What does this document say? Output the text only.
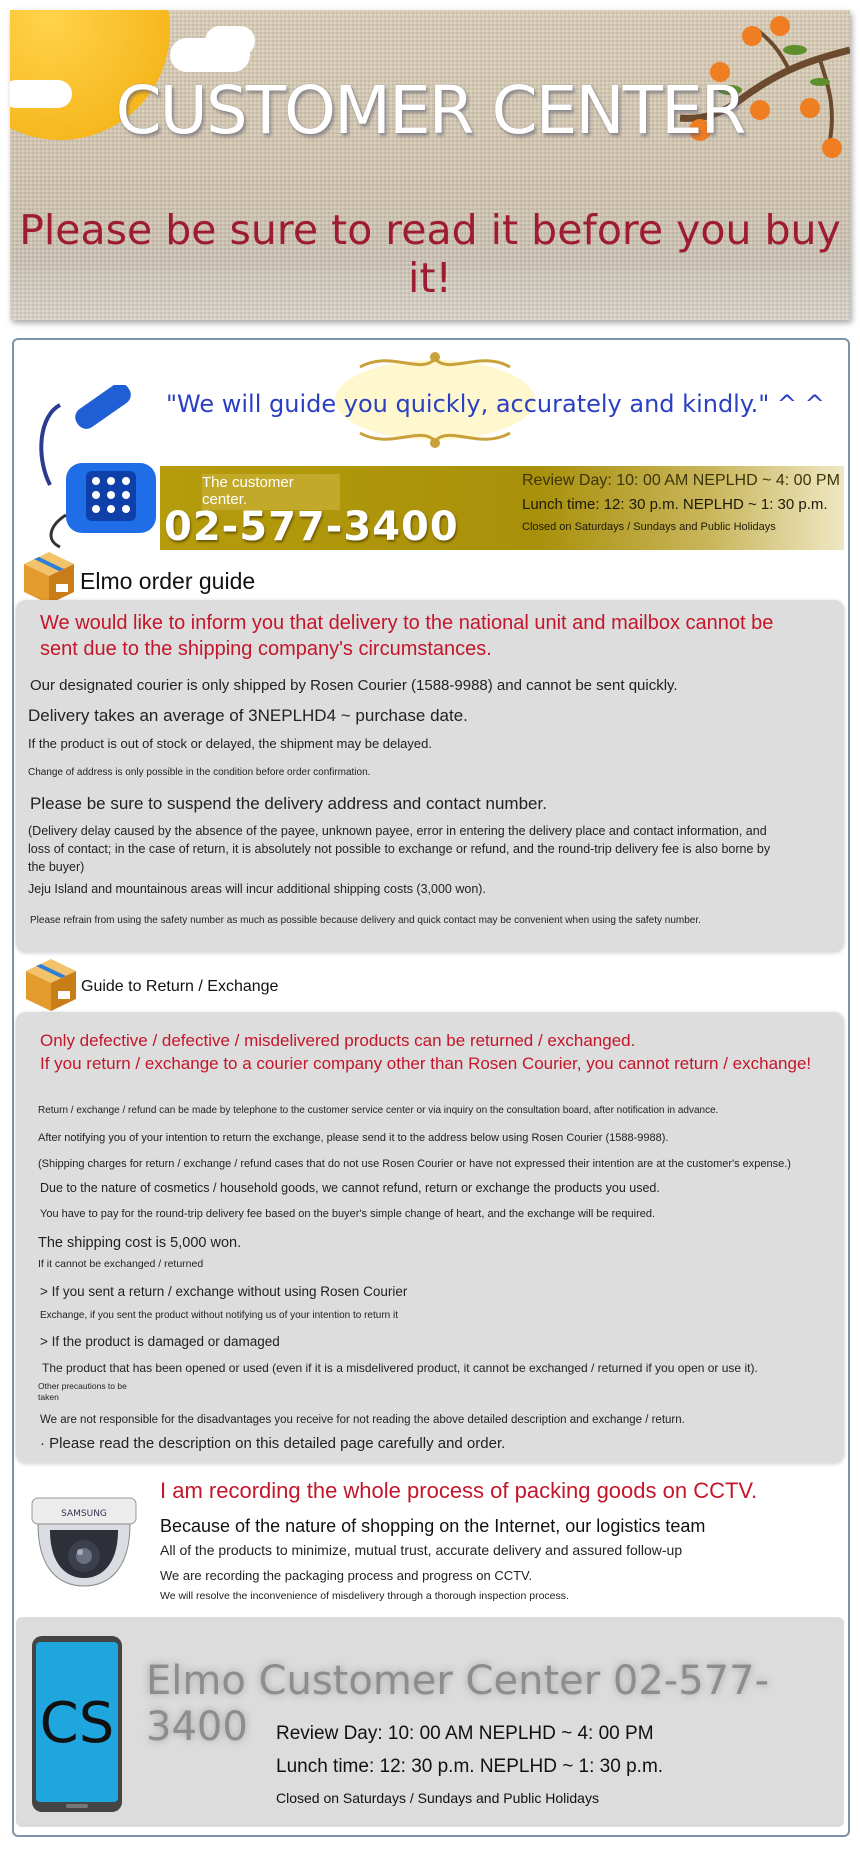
CUSTOMER CENTER
Please be sure to read it before you buy it!
"We will guide you quickly, accurately and kindly." ^ ^
The customer center.
02-577-3400
Review Day: 10: 00 AM NEPLHD ~ 4: 00 PM
Lunch time: 12: 30 p.m. NEPLHD ~ 1: 30 p.m.
Closed on Saturdays / Sundays and Public Holidays
Elmo order guide
We would like to inform you that delivery to the national unit and mailbox cannot be
sent due to the shipping company's circumstances.
Our designated courier is only shipped by Rosen Courier (1588-9988) and cannot be sent quickly.
Delivery takes an average of 3NEPLHD4 ~ purchase date.
If the product is out of stock or delayed, the shipment may be delayed.
Change of address is only possible in the condition before order confirmation.
Please be sure to suspend the delivery address and contact number.
(Delivery delay caused by the absence of the payee, unknown payee, error in entering the delivery place and contact information, and
loss of contact; in the case of return, it is absolutely not possible to exchange or refund, and the round-trip delivery fee is also borne by
the buyer)
Jeju Island and mountainous areas will incur additional shipping costs (3,000 won).
Please refrain from using the safety number as much as possible because delivery and quick contact may be convenient when using the safety number.
Guide to Return / Exchange
Only defective / defective / misdelivered products can be returned / exchanged.
If you return / exchange to a courier company other than Rosen Courier, you cannot return / exchange!
Return / exchange / refund can be made by telephone to the customer service center or via inquiry on the consultation board, after notification in advance.
After notifying you of your intention to return the exchange, please send it to the address below using Rosen Courier (1588-9988).
(Shipping charges for return / exchange / refund cases that do not use Rosen Courier or have not expressed their intention are at the customer's expense.)
Due to the nature of cosmetics / household goods, we cannot refund, return or exchange the products you used.
You have to pay for the round-trip delivery fee based on the buyer's simple change of heart, and the exchange will be required.
The shipping cost is 5,000 won.
If it cannot be exchanged / returned
> If you sent a return / exchange without using Rosen Courier
Exchange, if you sent the product without notifying us of your intention to return it
> If the product is damaged or damaged
The product that has been opened or used (even if it is a misdelivered product, it cannot be exchanged / returned if you open or use it).
Other precautions to be
taken
We are not responsible for the disadvantages you receive for not reading the above detailed description and exchange / return.
· Please read the description on this detailed page carefully and order.
SAMSUNG
I am recording the whole process of packing goods on CCTV.
Because of the nature of shopping on the Internet, our logistics team
All of the products to minimize, mutual trust, accurate delivery and assured follow-up
We are recording the packaging process and progress on CCTV.
We will resolve the inconvenience of misdelivery through a thorough inspection process.
CS
Elmo Customer Center 02-577-3400	Review Day: 10: 00 AM NEPLHD ~ 4: 00 PM
Lunch time: 12: 30 p.m. NEPLHD ~ 1: 30 p.m.
Closed on Saturdays / Sundays and Public Holidays
